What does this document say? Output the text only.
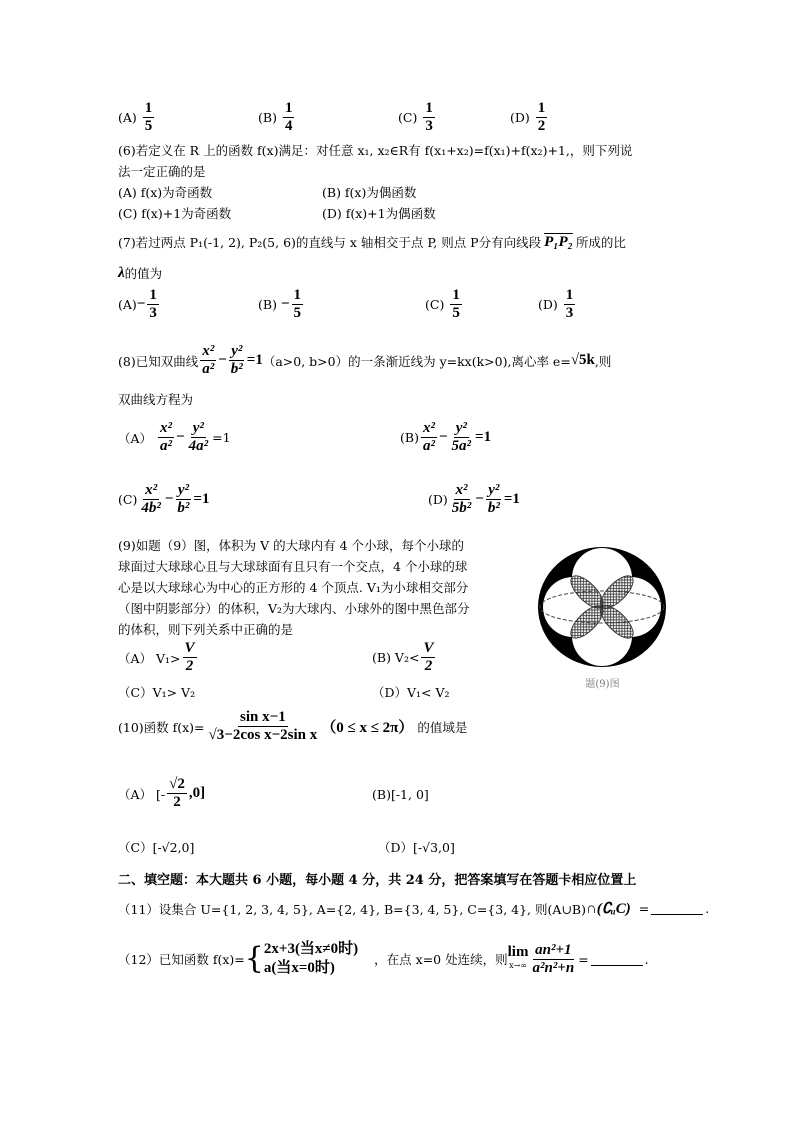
$(A) \frac{1}{5}$	$(B) \frac{1}{4}$	$(C) \frac{1}{3}$	$(D) \frac{1}{2}$
(6)若定义在 R 上的函数 f(x)满足：对任意 x₁, x₂∈R有 f(x₁+x₂)=f(x₁)+f(x₂)+1,，则下列说
法一定正确的是
(A) f(x)为奇函数	(B) f(x)为偶函数
(C) f(x)+1为奇函数	(D) f(x)+1为偶函数
(7)若过两点 P₁(-1, 2), P₂(5, 6)的直线与 x 轴相交于点 P, 则点 P分有向线段 P₁P₂ 所成的比
λ 的值为
$(A) - \frac{1}{3}$	$(B) - \frac{1}{5}$	$(C) \frac{1}{5}$	$(D) \frac{1}{3}$
(8)已知双曲线 $\frac{\text{x²}}{\text{a²}} - \frac{\text{y²}}{\text{b²}} =1$ （a>0, b>0）的一条渐近线为 y=kx(k>0),离心率 e= √5k ,则
双曲线方程为
$(A) \frac{\text{x²}}{\text{a²}} - \frac{\text{y²}}{\text{4a²}} =1$	$(B) \frac{\text{x²}}{\text{a²}} - \frac{\text{y²}}{\text{5a²}} =1$
$(C) \frac{\text{x²}}{\text{4b²}} - \frac{\text{y²}}{\text{b²}} =1$	$(D) \frac{\text{x²}}{\text{5b²}} - \frac{\text{y²}}{\text{b²}} =1$
(9)如题（9）图，体积为 V 的大球内有 4 个小球，每个小球的
球面过大球球心且与大球球面有且只有一个交点，4 个小球的球
心是以大球球心为中心的正方形的 4 个顶点. V₁为小球相交部分
（图中阴影部分）的体积，V₂为大球内、小球外的图中黑色部分
的体积，则下列关系中正确的是
（A） $V_1> \frac{V}{2}$	(B) $V_2< \frac{V}{2}$
（C）V₁> V₂	（D）V₁< V₂
题(9)图
(10)函数 $f(x)= \frac{\text{sin x−1}}{\text{√3−2cos x−2sin x}} (0 \le x \le 2\pi)$ 的值域是
（A） [- $\frac{√2}{2} ,0$]	(B)[-1, 0]
（C）[-√2,0]	（D）[-√3,0]
二、填空题：本大题共 6 小题，每小题 4 分，共 24 分，把答案填写在答题卡相应位置上
（11）设集合 U={1, 2, 3, 4, 5}, A={2, 4}, B={3, 4, 5}, C={3, 4}, 则(A∪B) ∩(∁ᵤC) =	.
（12）已知函数 f(x)= { 2x+3(当x≠0时)
a(当x=0时)
，在点 x=0 处连续，则 lim
$x\to\infty \frac{\text{an²+1}}{\text{a²n²+n}}$ =	.
